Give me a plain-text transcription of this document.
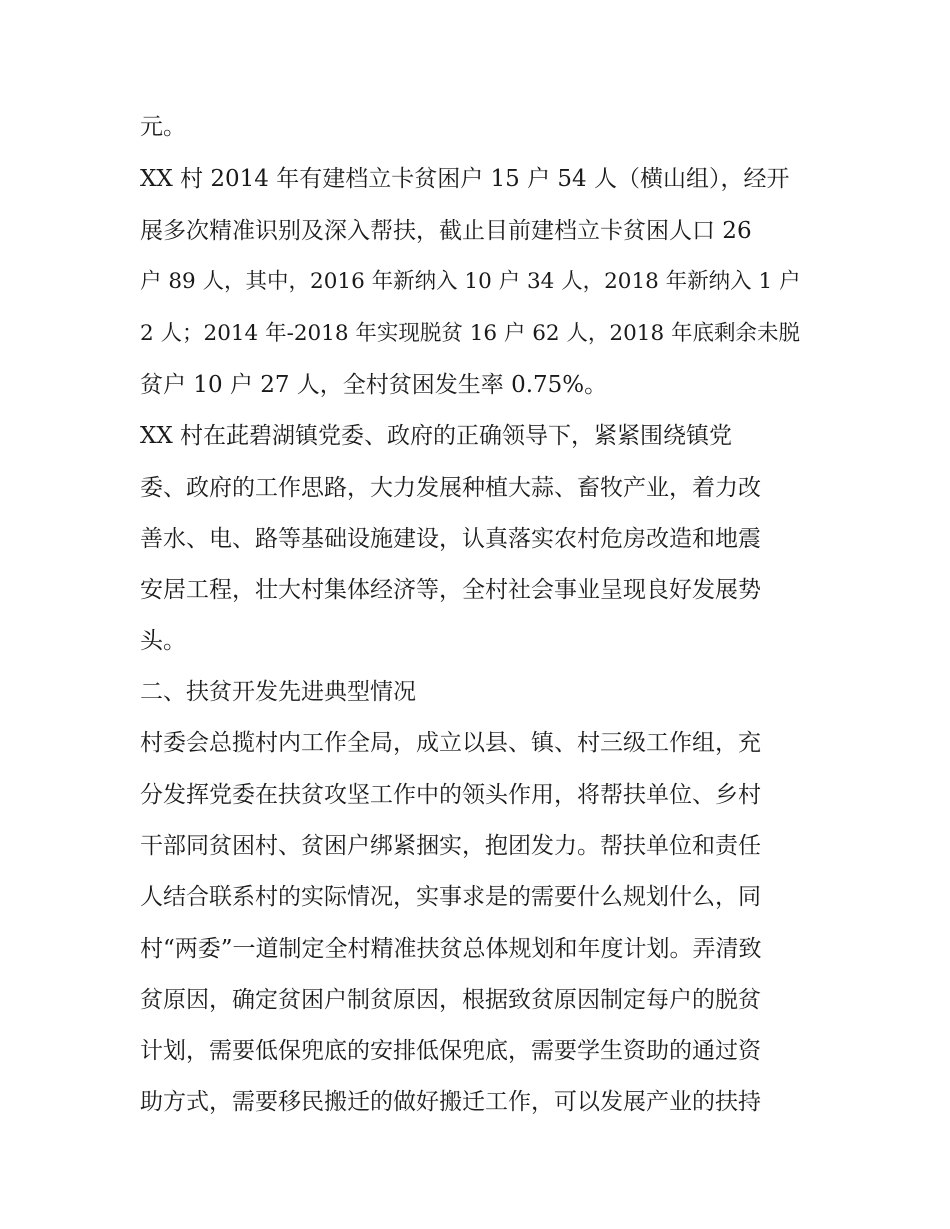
元。
XX 村 2014 年有建档立卡贫困户 15 户 54 人（横山组），经开
展多次精准识别及深入帮扶，截止目前建档立卡贫困人口 26
户 89 人，其中，2016 年新纳入 10 户 34 人，2018 年新纳入 1 户
2 人；2014 年-2018 年实现脱贫 16 户 62 人，2018 年底剩余未脱
贫户 10 户 27 人，全村贫困发生率 0.75%。
XX 村在茈碧湖镇党委、政府的正确领导下，紧紧围绕镇党
委、政府的工作思路，大力发展种植大蒜、畜牧产业，着力改
善水、电、路等基础设施建设，认真落实农村危房改造和地震
安居工程，壮大村集体经济等，全村社会事业呈现良好发展势
头。
二、扶贫开发先进典型情况
村委会总揽村内工作全局，成立以县、镇、村三级工作组，充
分发挥党委在扶贫攻坚工作中的领头作用，将帮扶单位、乡村
干部同贫困村、贫困户绑紧捆实，抱团发力。帮扶单位和责任
人结合联系村的实际情况，实事求是的需要什么规划什么，同
村“两委”一道制定全村精准扶贫总体规划和年度计划。弄清致
贫原因，确定贫困户制贫原因，根据致贫原因制定每户的脱贫
计划，需要低保兜底的安排低保兜底，需要学生资助的通过资
助方式，需要移民搬迁的做好搬迁工作，可以发展产业的扶持
